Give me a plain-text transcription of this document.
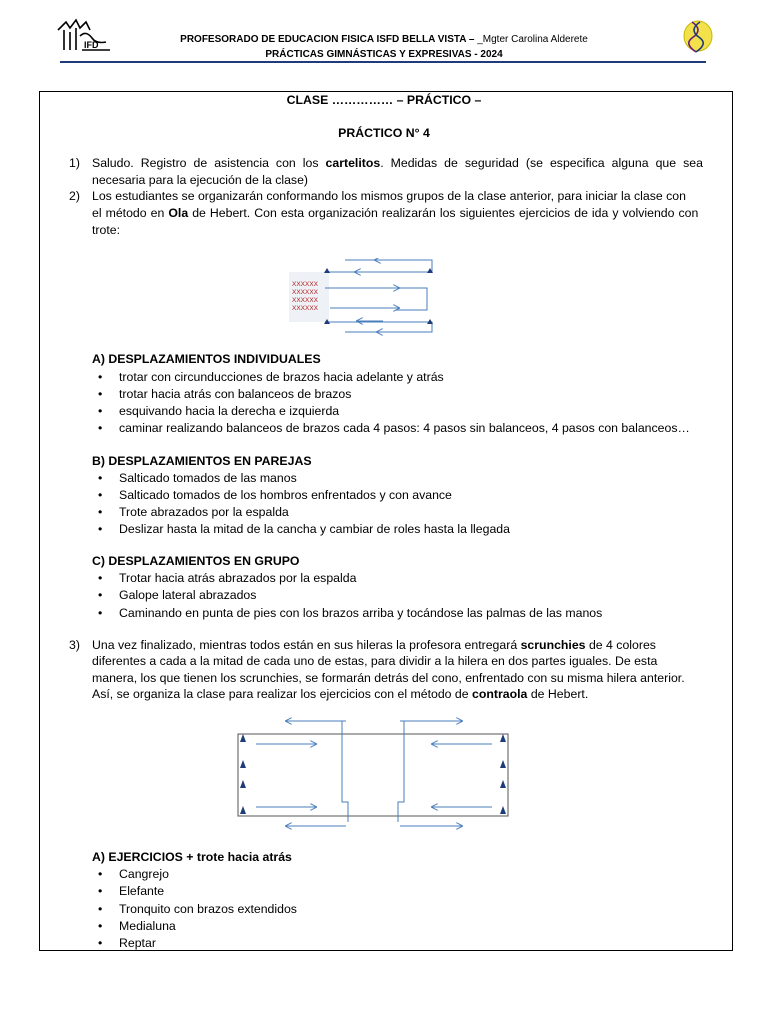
IFD	PROFESORADO DE EDUCACION FISICA ISFD BELLA VISTA – _Mgter Carolina Alderete
PRÁCTICAS GIMNÁSTICAS Y EXPRESIVAS - 2024
CLASE …………… – PRÁCTICO –
PRÁCTICO N° 4
1) Saludo. Registro de asistencia con los cartelitos. Medidas de seguridad (se especifica alguna que sea
necesaria para la ejecución de la clase)
2) Los estudiantes se organizarán conformando los mismos grupos de la clase anterior, para iniciar la clase con
el método en Ola de Hebert. Con esta organización realizarán los siguientes ejercicios de ida y volviendo con
trote:
XXXXXX
XXXXXX
XXXXXX
XXXXXX
A) DESPLAZAMIENTOS INDIVIDUALES
• trotar con circunducciones de brazos hacia adelante y atrás
• trotar hacia atrás con balanceos de brazos
• esquivando hacia la derecha e izquierda
• caminar realizando balanceos de brazos cada 4 pasos: 4 pasos sin balanceos, 4 pasos con balanceos…
B) DESPLAZAMIENTOS EN PAREJAS
• Salticado tomados de las manos
• Salticado tomados de los hombros enfrentados y con avance
• Trote abrazados por la espalda
• Deslizar hasta la mitad de la cancha y cambiar de roles hasta la llegada
C) DESPLAZAMIENTOS EN GRUPO
• Trotar hacia atrás abrazados por la espalda
• Galope lateral abrazados
• Caminando en punta de pies con los brazos arriba y tocándose las palmas de las manos
3) Una vez finalizado, mientras todos están en sus hileras la profesora entregará scrunchies de 4 colores
diferentes a cada a la mitad de cada uno de estas, para dividir a la hilera en dos partes iguales. De esta
manera, los que tienen los scrunchies, se formarán detrás del cono, enfrentado con su misma hilera anterior.
Así, se organiza la clase para realizar los ejercicios con el método de contraola de Hebert.
A) EJERCICIOS + trote hacia atrás
• Cangrejo
• Elefante
• Tronquito con brazos extendidos
• Medialuna
• Reptar
